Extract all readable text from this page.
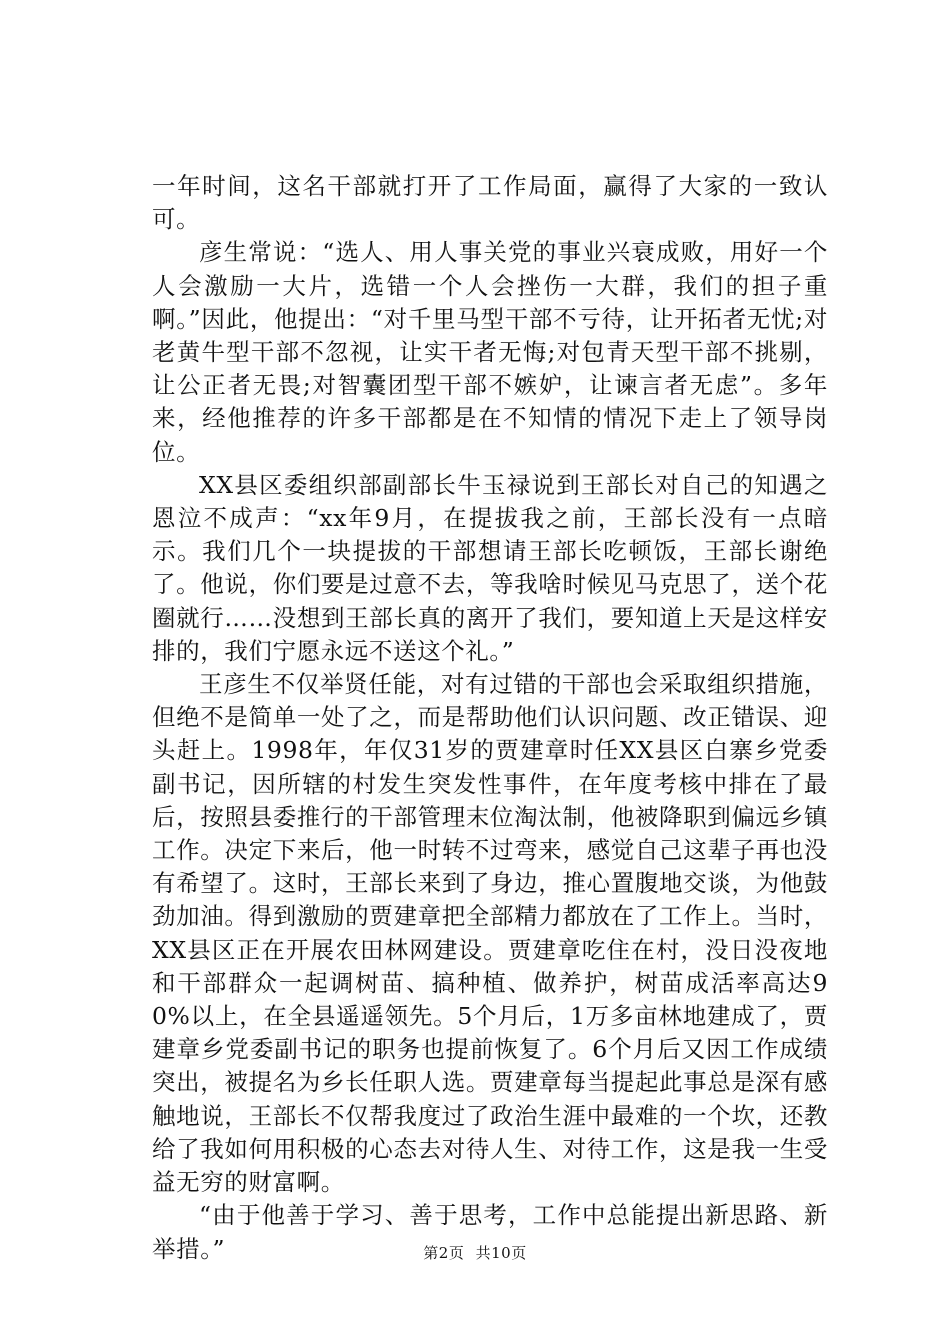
一年时间，这名干部就打开了工作局面，赢得了大家的一致认可。

彦生常说：“选人、用人事关党的事业兴衰成败，用好一个人会激励一大片，选错一个人会挫伤一大群，我们的担子重啊。”因此，他提出：“对千里马型干部不亏待，让开拓者无忧;对老黄牛型干部不忽视，让实干者无悔;对包青天型干部不挑剔，让公正者无畏;对智囊团型干部不嫉妒，让谏言者无虑”。多年来，经他推荐的许多干部都是在不知情的情况下走上了领导岗位。

XX县区委组织部副部长牛玉禄说到王部长对自己的知遇之恩泣不成声：“xx年9月，在提拔我之前，王部长没有一点暗示。我们几个一块提拔的干部想请王部长吃顿饭，王部长谢绝了。他说，你们要是过意不去，等我啥时候见马克思了，送个花圈就行……没想到王部长真的离开了我们，要知道上天是这样安排的，我们宁愿永远不送这个礼。”

王彦生不仅举贤任能，对有过错的干部也会采取组织措施，但绝不是简单一处了之，而是帮助他们认识问题、改正错误、迎头赶上。1998年，年仅31岁的贾建章时任XX县区白寨乡党委副书记，因所辖的村发生突发性事件，在年度考核中排在了最后，按照县委推行的干部管理末位淘汰制，他被降职到偏远乡镇工作。决定下来后，他一时转不过弯来，感觉自己这辈子再也没有希望了。这时，王部长来到了身边，推心置腹地交谈，为他鼓劲加油。得到激励的贾建章把全部精力都放在了工作上。当时，XX县区正在开展农田林网建设。贾建章吃住在村，没日没夜地和干部群众一起调树苗、搞种植、做养护，树苗成活率高达90%以上，在全县遥遥领先。5个月后，1万多亩林地建成了，贾建章乡党委副书记的职务也提前恢复了。6个月后又因工作成绩突出，被提名为乡长任职人选。贾建章每当提起此事总是深有感触地说，王部长不仅帮我度过了政治生涯中最难的一个坎，还教给了我如何用积极的心态去对待人生、对待工作，这是我一生受益无穷的财富啊。

“由于他善于学习、善于思考，工作中总能提出新思路、新举措。”	第2页 共10页
